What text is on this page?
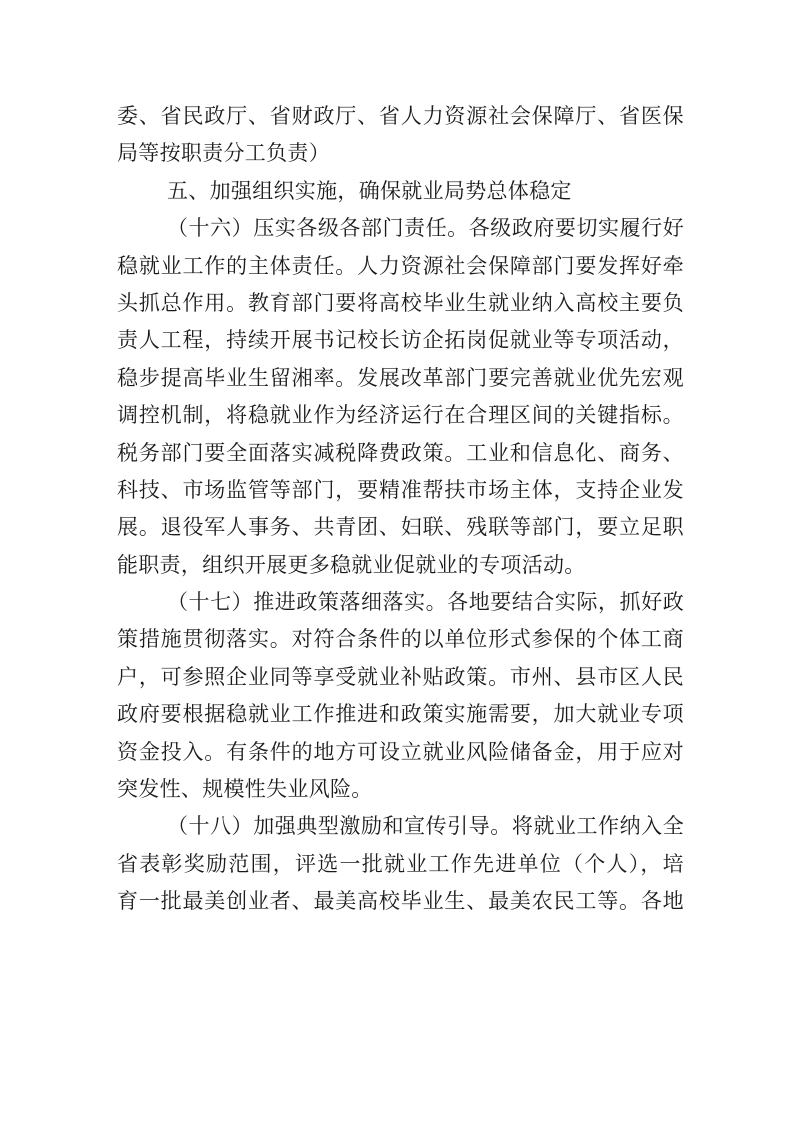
委、省民政厅、省财政厅、省人力资源社会保障厅、省医保
局等按职责分工负责）
五、加强组织实施，确保就业局势总体稳定
（十六）压实各级各部门责任。各级政府要切实履行好
稳就业工作的主体责任。人力资源社会保障部门要发挥好牵
头抓总作用。教育部门要将高校毕业生就业纳入高校主要负
责人工程，持续开展书记校长访企拓岗促就业等专项活动，
稳步提高毕业生留湘率。发展改革部门要完善就业优先宏观
调控机制，将稳就业作为经济运行在合理区间的关键指标。
税务部门要全面落实减税降费政策。工业和信息化、商务、
科技、市场监管等部门，要精准帮扶市场主体，支持企业发
展。退役军人事务、共青团、妇联、残联等部门，要立足职
能职责，组织开展更多稳就业促就业的专项活动。
（十七）推进政策落细落实。各地要结合实际，抓好政
策措施贯彻落实。对符合条件的以单位形式参保的个体工商
户，可参照企业同等享受就业补贴政策。市州、县市区人民
政府要根据稳就业工作推进和政策实施需要，加大就业专项
资金投入。有条件的地方可设立就业风险储备金，用于应对
突发性、规模性失业风险。
（十八）加强典型激励和宣传引导。将就业工作纳入全
省表彰奖励范围，评选一批就业工作先进单位（个人），培
育一批最美创业者、最美高校毕业生、最美农民工等。各地
